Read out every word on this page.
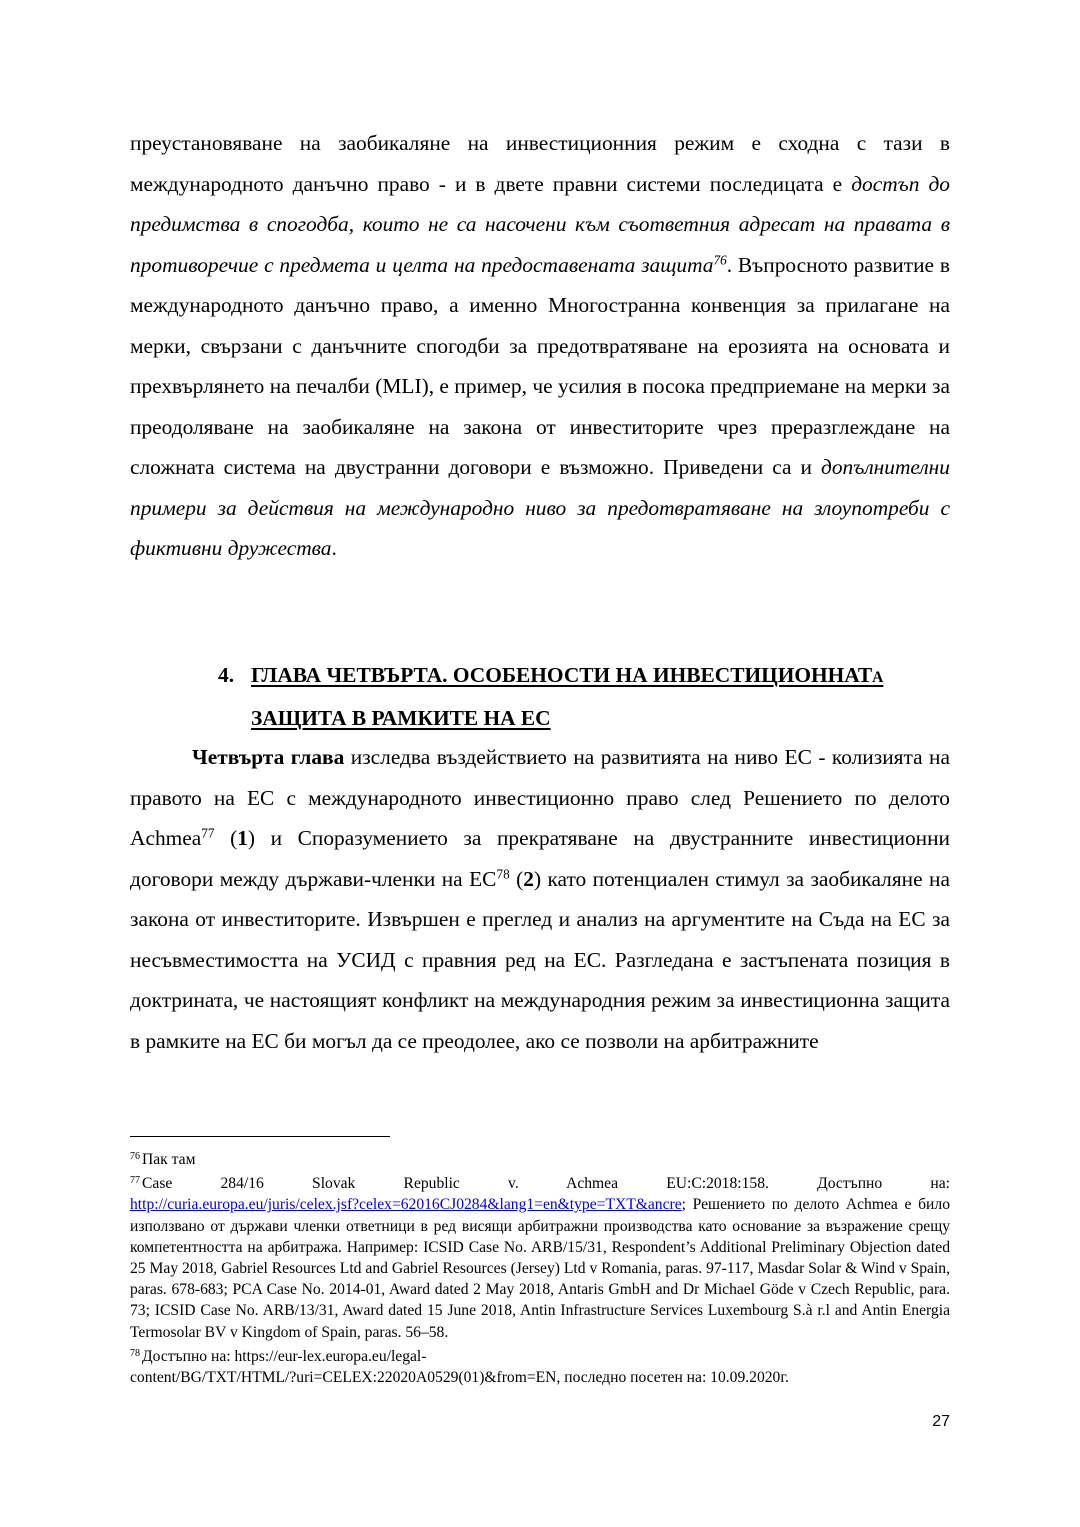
преустановяване на заобикаляне на инвестиционния режим е сходна с тази в международното данъчно право - и в двете правни системи последицата е достъп до предимства в спогодба, които не са насочени към съответния адресат на правата в противоречие с предмета и целта на предоставената защита$^{76}$. Въпросното развитие в международното данъчно право, а именно Многостранна конвенция за прилагане на мерки, свързани с данъчните спогодби за предотвратяване на ерозията на основата и прехвърлянето на печалби (MLI), е пример, че усилия в посока предприемане на мерки за преодоляване на заобикаляне на закона от инвеститорите чрез преразглеждане на сложната система на двустранни договори е възможно. Приведени са и допълнителни примери за действия на международно ниво за предотвратяване на злоупотреби с фиктивни дружества.

4. ГЛАВА ЧЕТВЪРТА. ОСОБЕНОСТИ НА ИНВЕСТИЦИОННАТА
ЗАЩИТА В РАМКИТЕ НА ЕС

Четвърта глава изследва въздействието на развитията на ниво ЕС - колизията на правото на ЕС с международното инвестиционно право след Решението по делото Achmea$^{77}$ (1) и Споразумението за прекратяване на двустранните инвестиционни договори между държави-членки на ЕС$^{78}$ (2) като потенциален стимул за заобикаляне на закона от инвеститорите. Извършен е преглед и анализ на аргументите на Съда на ЕС за несъвместимостта на УСИД с правния ред на ЕС. Разгледана е застъпената позиция в доктрината, че настоящият конфликт на международния режим за инвестиционна защита в рамките на ЕС би могъл да се преодолее, ако се позволи на арбитражните

$^{76}$ Пак там

$^{77}$ Case 284/16 Slovak Republic v. Achmea EU:C:2018:158. Достъпно на:
http://curia.europa.eu/juris/celex.jsf?celex=62016CJ0284&lang1=en&type=TXT&ancre; Решението по делото Achmea е било използвано от държави членки ответници в ред висящи арбитражни производства като основание за възражение срещу компетентността на арбитража. Например: ICSID Case No. ARB/15/31, Respondent’s Additional Preliminary Objection dated 25 May 2018, Gabriel Resources Ltd and Gabriel Resources (Jersey) Ltd v Romania, paras. 97-117, Masdar Solar & Wind v Spain, paras. 678-683; PCA Case No. 2014-01, Award dated 2 May 2018, Antaris GmbH and Dr Michael Göde v Czech Republic, para. 73; ICSID Case No. ARB/13/31, Award dated 15 June 2018, Antin Infrastructure Services Luxembourg S.à r.l and Antin Energia Termosolar BV v Kingdom of Spain, paras. 56–58.

$^{78}$ Достъпно на: https://eur-lex.europa.eu/legal-
content/BG/TXT/HTML/?uri=CELEX:22020A0529(01)&from=EN, последно посетен на: 10.09.2020г.

27
